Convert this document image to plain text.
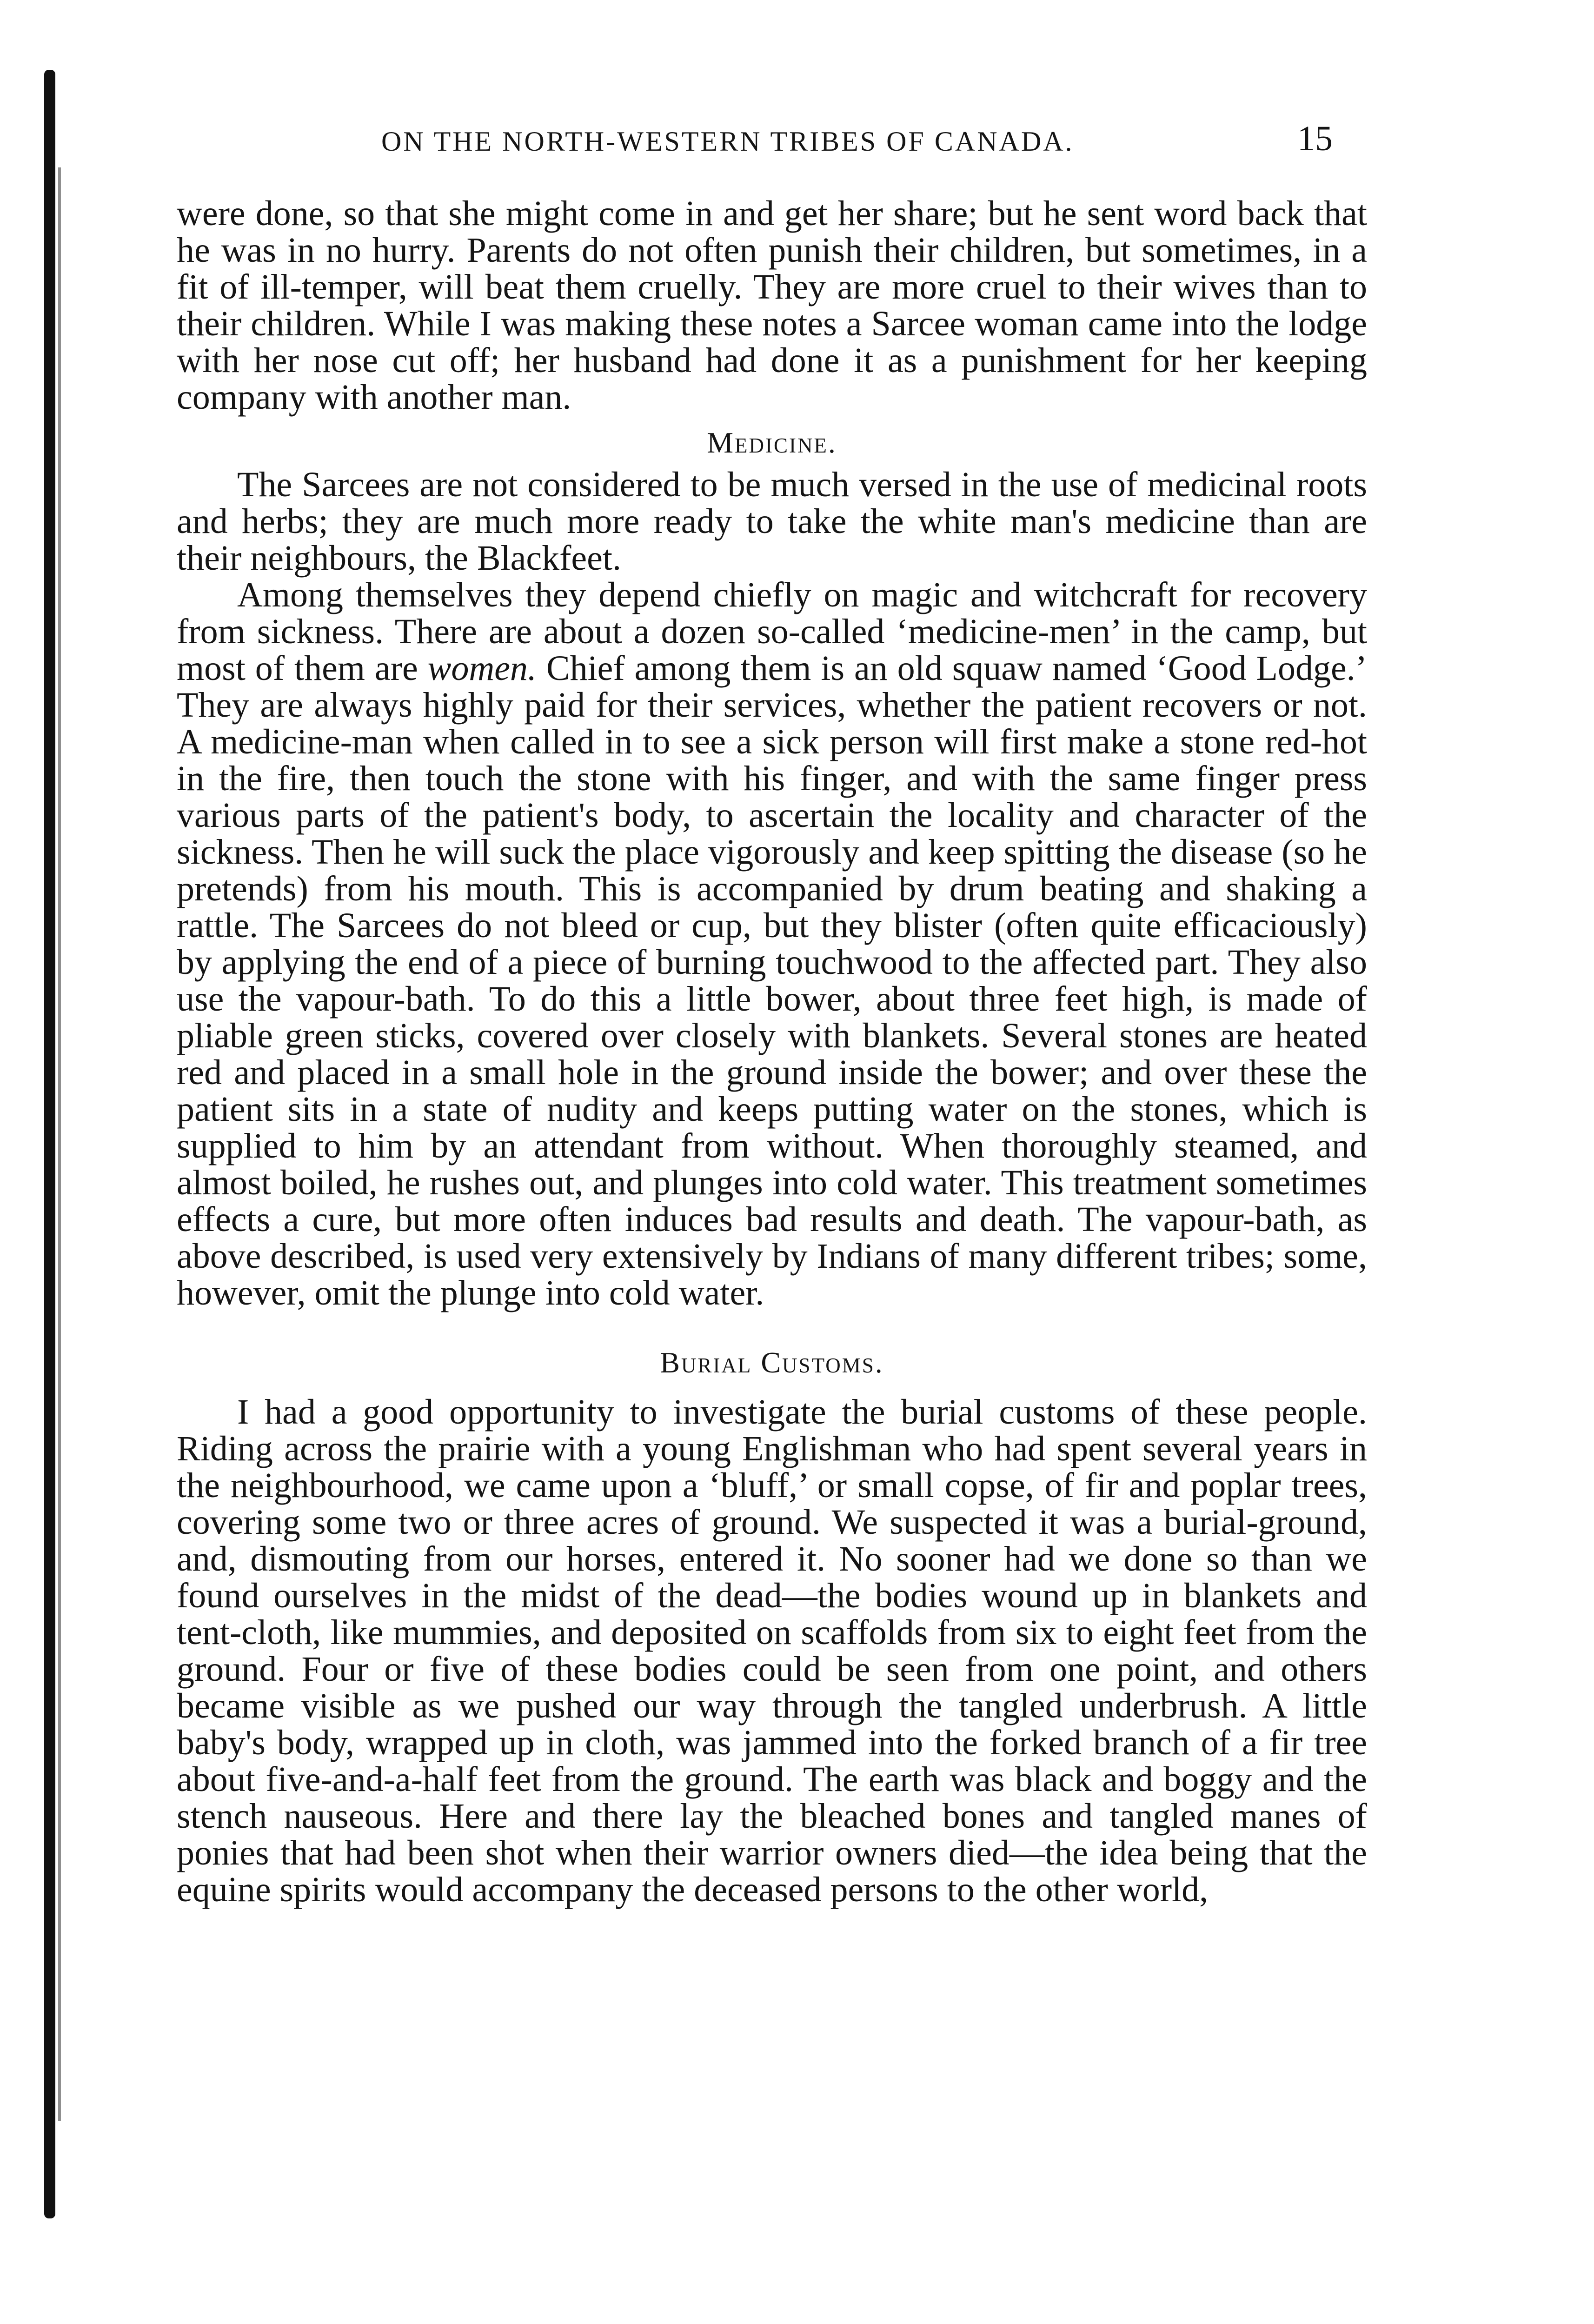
ON THE NORTH-WESTERN TRIBES OF CANADA.	15

were done, so that she might come in and get her share; but he sent word back that he was in no hurry. Parents do not often punish their children, but sometimes, in a fit of ill-temper, will beat them cruelly. They are more cruel to their wives than to their children. While I was making these notes a Sarcee woman came into the lodge with her nose cut off; her husband had done it as a punishment for her keeping company with another man.

Medicine.

The Sarcees are not considered to be much versed in the use of medicinal roots and herbs; they are much more ready to take the white man's medicine than are their neighbours, the Blackfeet.

Among themselves they depend chiefly on magic and witchcraft for recovery from sickness. There are about a dozen so-called ‘medicine-men’ in the camp, but most of them are women. Chief among them is an old squaw named ‘Good Lodge.’ They are always highly paid for their services, whether the patient recovers or not. A medicine-man when called in to see a sick person will first make a stone red-hot in the fire, then touch the stone with his finger, and with the same finger press various parts of the patient's body, to ascertain the locality and character of the sickness. Then he will suck the place vigorously and keep spitting the disease (so he pretends) from his mouth. This is accompanied by drum beating and shaking a rattle. The Sarcees do not bleed or cup, but they blister (often quite efficaciously) by applying the end of a piece of burning touchwood to the affected part. They also use the vapour-bath. To do this a little bower, about three feet high, is made of pliable green sticks, covered over closely with blankets. Several stones are heated red and placed in a small hole in the ground inside the bower; and over these the patient sits in a state of nudity and keeps putting water on the stones, which is supplied to him by an attendant from without. When thoroughly steamed, and almost boiled, he rushes out, and plunges into cold water. This treatment sometimes effects a cure, but more often induces bad results and death. The vapour-bath, as above described, is used very extensively by Indians of many different tribes; some, however, omit the plunge into cold water.

Burial Customs.

I had a good opportunity to investigate the burial customs of these people. Riding across the prairie with a young Englishman who had spent several years in the neighbourhood, we came upon a ‘bluff,’ or small copse, of fir and poplar trees, covering some two or three acres of ground. We suspected it was a burial-ground, and, dismouting from our horses, entered it. No sooner had we done so than we found ourselves in the midst of the dead—the bodies wound up in blankets and tent-cloth, like mummies, and deposited on scaffolds from six to eight feet from the ground. Four or five of these bodies could be seen from one point, and others became visible as we pushed our way through the tangled underbrush. A little baby's body, wrapped up in cloth, was jammed into the forked branch of a fir tree about five-and-a-half feet from the ground. The earth was black and boggy and the stench nauseous. Here and there lay the bleached bones and tangled manes of ponies that had been shot when their warrior owners died—the idea being that the equine spirits would accompany the deceased persons to the other world,
